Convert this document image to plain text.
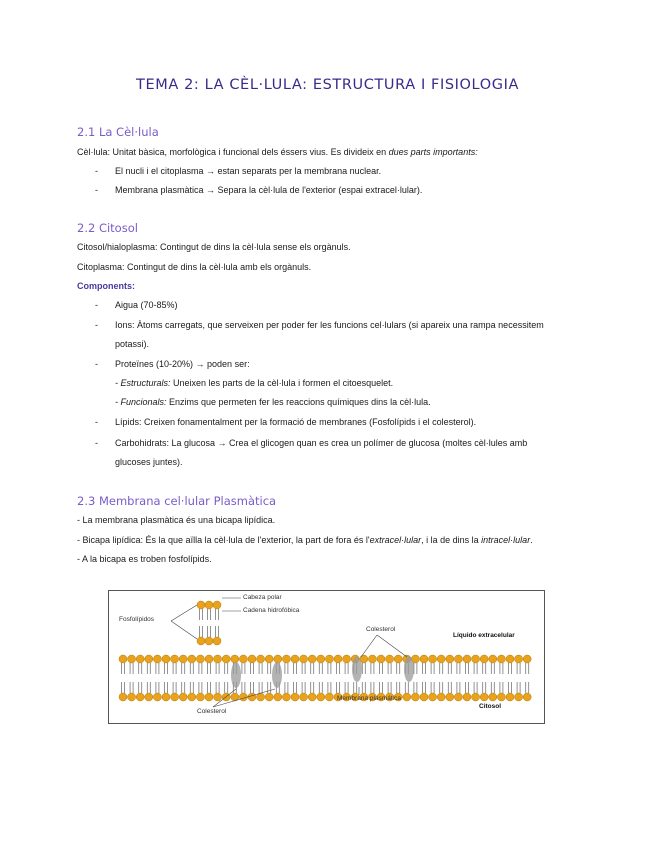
TEMA 2: LA CÈL·LULA: ESTRUCTURA I FISIOLOGIA
2.1 La Cèl·lula
Cèl·lula: Unitat bàsica, morfològica i funcional dels éssers vius. Es divideix en dues parts importants:
- El nucli i el citoplasma → estan separats per la membrana nuclear.
- Membrana plasmàtica → Separa la cèl·lula de l'exterior (espai extracel·lular).
2.2 Citosol
Citosol/hialoplasma: Contingut de dins la cèl·lula sense els orgànuls.
Citoplasma: Contingut de dins la cèl·lula amb els orgànuls.
Components:
- Aigua (70-85%)
- Ions: Àtoms carregats, que serveixen per poder fer les funcions cel·lulars (si apareix una rampa necessitem
potassi).
- Proteïnes (10-20%) → poden ser:
- Estructurals: Uneixen les parts de la cèl·lula i formen el citoesquelet.
- Funcionals: Enzims que permeten fer les reaccions químiques dins la cèl·lula.
- Lípids: Creixen fonamentalment per la formació de membranes (Fosfolípids i el colesterol).
- Carbohidrats: La glucosa → Crea el glicogen quan es crea un polímer de glucosa (moltes cèl·lules amb
glucoses juntes).
2.3 Membrana cel·lular Plasmàtica
- La membrana plasmàtica és una bicapa lipídica.
- Bicapa lipídica: És la que aïlla la cèl·lula de l'exterior, la part de fora és l'extracel·lular, i la de dins la intracel·lular.
- A la bicapa es troben fosfolípids.
Cabeza polar
Cadena hidrofóbica
Fosfolípidos
Colesterol
Líquido extracelular
Colesterol
Membrana plasmática
Citosol
